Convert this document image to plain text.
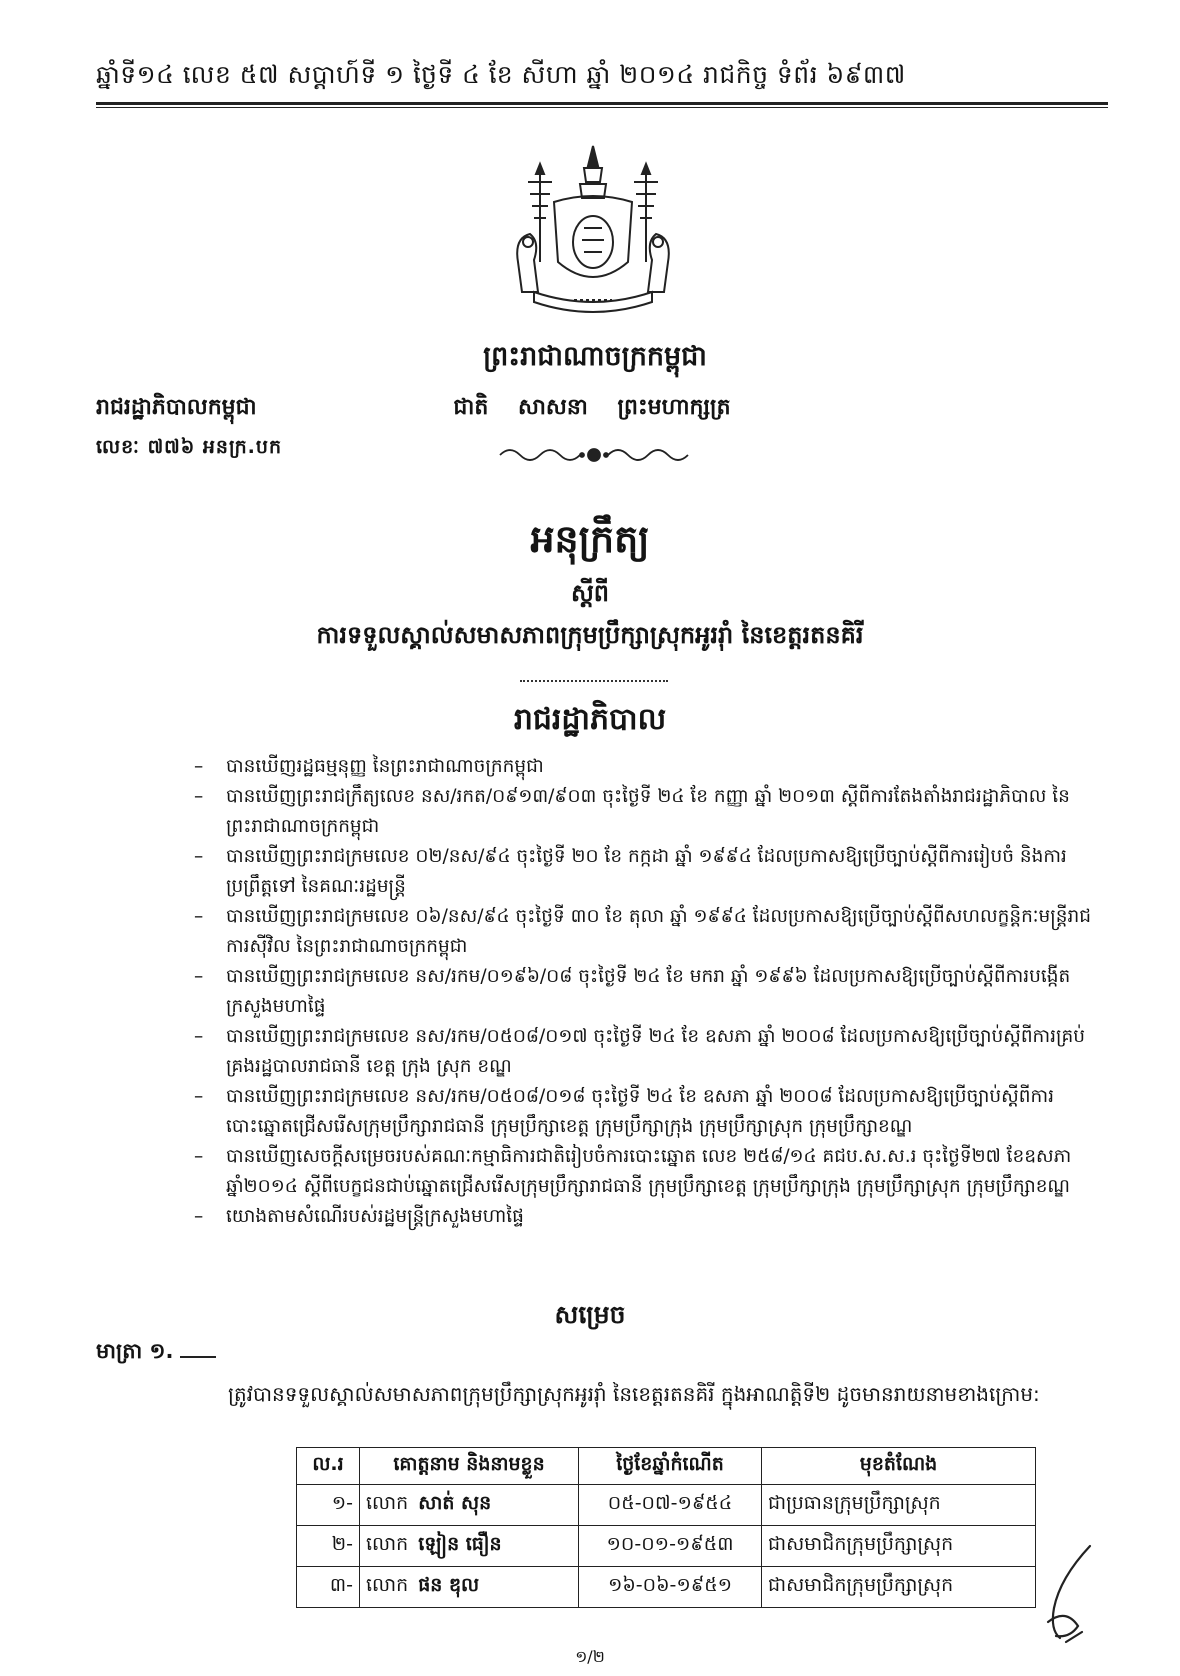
ឆ្នាំទី១៤ លេខ ៥៧ សប្តាហ៍ទី ១ ថ្ងៃទី ៤ ខែ សីហា ឆ្នាំ ២០១៤ រាជកិច្ច ទំព័រ ៦៩៣៧
ព្រះរាជាណាចក្រកម្ពុជា
រាជរដ្ឋាភិបាលកម្ពុជា	ជាតិ សាសនា ព្រះមហាក្សត្រ
លេខៈ ៧៧៦ អនក្រ.បក
អនុក្រឹត្យ
ស្តីពី
ការទទួលស្គាល់សមាសភាពក្រុមប្រឹក្សាស្រុកអូររ៉ាំ នៃខេត្តរតនគិរី
រាជរដ្ឋាភិបាល
– បានឃើញរដ្ឋធម្មនុញ្ញ នៃព្រះរាជាណាចក្រកម្ពុជា
– បានឃើញព្រះរាជក្រឹត្យលេខ នស/រកត/០៩១៣/៩០៣ ចុះថ្ងៃទី ២៤ ខែ កញ្ញា ឆ្នាំ ២០១៣ ស្តីពីការតែងតាំងរាជរដ្ឋាភិបាល នៃព្រះរាជាណាចក្រកម្ពុជា
– បានឃើញព្រះរាជក្រមលេខ ០២/នស/៩៤ ចុះថ្ងៃទី ២០ ខែ កក្កដា ឆ្នាំ ១៩៩៤ ដែលប្រកាសឱ្យប្រើច្បាប់ស្តីពីការរៀបចំ និងការប្រព្រឹត្តទៅ នៃគណៈរដ្ឋមន្ត្រី
– បានឃើញព្រះរាជក្រមលេខ ០៦/នស/៩៤ ចុះថ្ងៃទី ៣០ ខែ តុលា ឆ្នាំ ១៩៩៤ ដែលប្រកាសឱ្យប្រើច្បាប់ស្តីពីសហលក្ខន្តិកៈមន្ត្រីរាជការស៊ីវិល នៃព្រះរាជាណាចក្រកម្ពុជា
– បានឃើញព្រះរាជក្រមលេខ នស/រកម/០១៩៦/០៨ ចុះថ្ងៃទី ២៤ ខែ មករា ឆ្នាំ ១៩៩៦ ដែលប្រកាសឱ្យប្រើច្បាប់ស្តីពីការបង្កើតក្រសួងមហាផ្ទៃ
– បានឃើញព្រះរាជក្រមលេខ នស/រកម/០៥០៨/០១៧ ចុះថ្ងៃទី ២៤ ខែ ឧសភា ឆ្នាំ ២០០៨ ដែលប្រកាសឱ្យប្រើច្បាប់ស្តីពីការគ្រប់គ្រងរដ្ឋបាលរាជធានី ខេត្ត ក្រុង ស្រុក ខណ្ឌ
– បានឃើញព្រះរាជក្រមលេខ នស/រកម/០៥០៨/០១៨ ចុះថ្ងៃទី ២៤ ខែ ឧសភា ឆ្នាំ ២០០៨ ដែលប្រកាសឱ្យប្រើច្បាប់ស្តីពីការបោះឆ្នោតជ្រើសរើសក្រុមប្រឹក្សារាជធានី ក្រុមប្រឹក្សាខេត្ត ក្រុមប្រឹក្សាក្រុង ក្រុមប្រឹក្សាស្រុក ក្រុមប្រឹក្សាខណ្ឌ
– បានឃើញសេចក្តីសម្រេចរបស់គណៈកម្មាធិការជាតិរៀបចំការបោះឆ្នោត លេខ ២៥៨/១៤ គជប.ស.ស.រ ចុះថ្ងៃទី២៧ ខែឧសភា ឆ្នាំ២០១៤ ស្តីពីបេក្ខជនជាប់ឆ្នោតជ្រើសរើសក្រុមប្រឹក្សារាជធានី ក្រុមប្រឹក្សាខេត្ត ក្រុមប្រឹក្សាក្រុង ក្រុមប្រឹក្សាស្រុក ក្រុមប្រឹក្សាខណ្ឌ
– យោងតាមសំណើរបស់រដ្ឋមន្ត្រីក្រសួងមហាផ្ទៃ
សម្រេច
មាត្រា ១.
ត្រូវបានទទួលស្គាល់សមាសភាពក្រុមប្រឹក្សាស្រុកអូររ៉ាំ នៃខេត្តរតនគិរី ក្នុងអាណត្តិទី២ ដូចមានរាយនាមខាងក្រោម:
ល.រ	គោត្តនាម និងនាមខ្លួន	ថ្ងៃខែឆ្នាំកំណើត	មុខតំណែង
១-	លោក សាត់ សុន	០៥-០៧-១៩៥៤	ជាប្រធានក្រុមប្រឹក្សាស្រុក
២-	លោក ឡៀន ធឿន	១០-០១-១៩៥៣	ជាសមាជិកក្រុមប្រឹក្សាស្រុក
៣-	លោក ផន ឌុល	១៦-០៦-១៩៥១	ជាសមាជិកក្រុមប្រឹក្សាស្រុក
១/២
